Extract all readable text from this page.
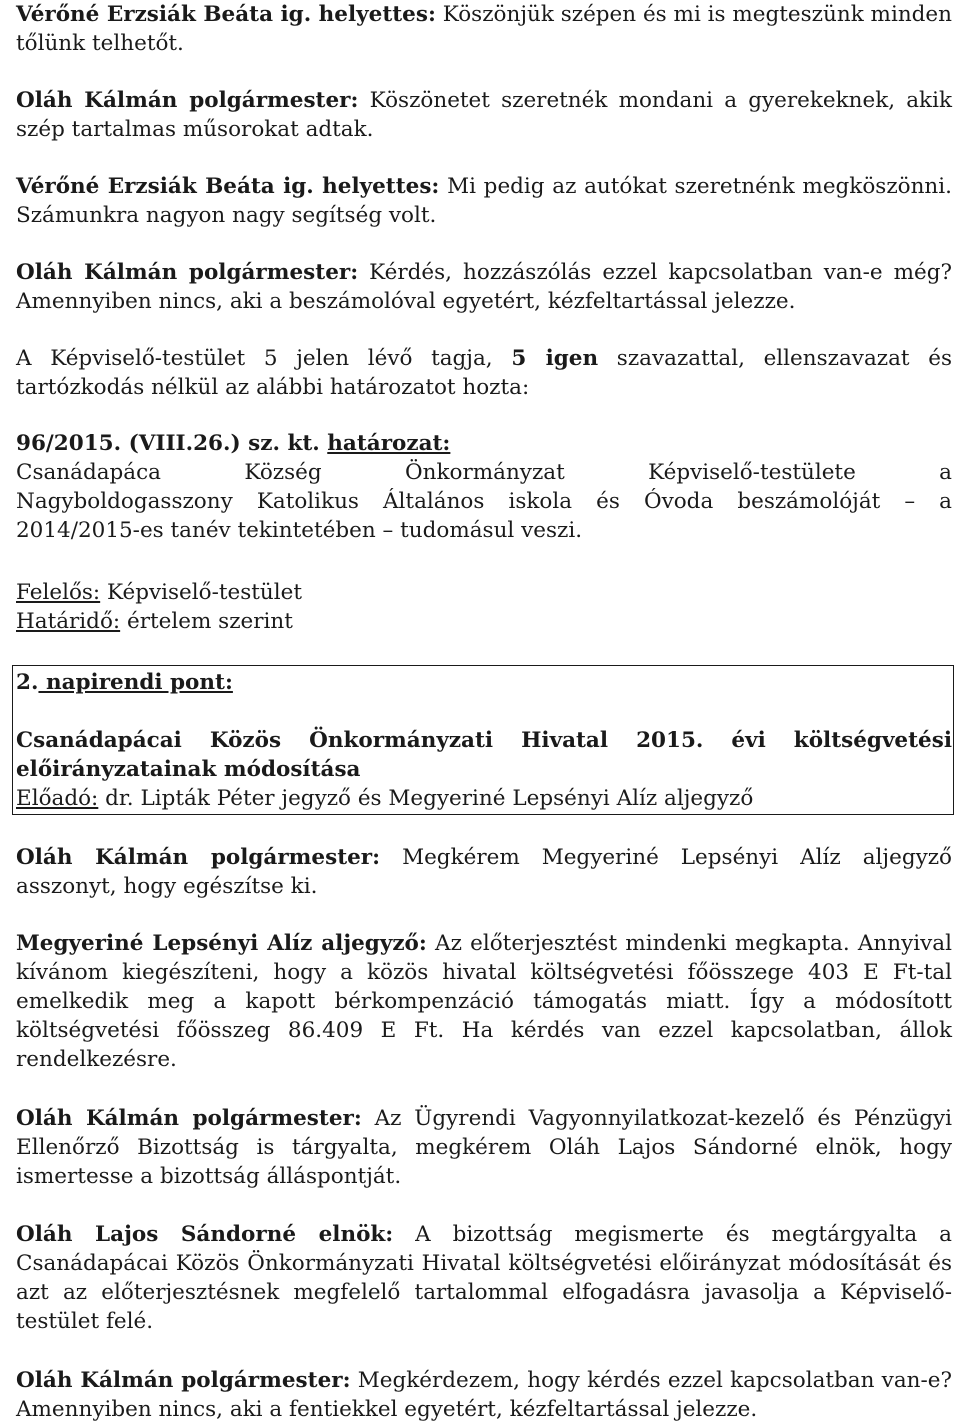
Vérőné Erzsiák Beáta ig. helyettes: Köszönjük szépen és mi is megteszünk minden tőlünk telhetőt.

Oláh Kálmán polgármester: Köszönetet szeretnék mondani a gyerekeknek, akik szép tartalmas műsorokat adtak.

Vérőné Erzsiák Beáta ig. helyettes: Mi pedig az autókat szeretnénk megköszönni. Számunkra nagyon nagy segítség volt.

Oláh Kálmán polgármester: Kérdés, hozzászólás ezzel kapcsolatban van-e még? Amennyiben nincs, aki a beszámolóval egyetért, kézfeltartással jelezze.

A Képviselő-testület 5 jelen lévő tagja, 5 igen szavazattal, ellenszavazat és tartózkodás nélkül az alábbi határozatot hozta:

96/2015. (VIII.26.) sz. kt. határozat:

Csanádapáca Község Önkormányzat Képviselő-testülete a

Nagyboldogasszony Katolikus Általános iskola és Óvoda beszámolóját – a

2014/2015-es tanév tekintetében – tudomásul veszi.

Felelős: Képviselő-testület

Határidő: értelem szerint

2. napirendi pont:

Csanádapácai Közös Önkormányzati Hivatal 2015. évi költségvetési előirányzatainak módosítása

Előadó: dr. Lipták Péter jegyző és Megyeriné Lepsényi Alíz aljegyző

Oláh Kálmán polgármester: Megkérem Megyeriné Lepsényi Alíz aljegyző asszonyt, hogy egészítse ki.

Megyeriné Lepsényi Alíz aljegyző: Az előterjesztést mindenki megkapta. Annyival kívánom kiegészíteni, hogy a közös hivatal költségvetési főösszege 403 E Ft-tal emelkedik meg a kapott bérkompenzáció támogatás miatt. Így a módosított költségvetési főösszeg 86.409 E Ft. Ha kérdés van ezzel kapcsolatban, állok rendelkezésre.

Oláh Kálmán polgármester: Az Ügyrendi Vagyonnyilatkozat-kezelő és Pénzügyi Ellenőrző Bizottság is tárgyalta, megkérem Oláh Lajos Sándorné elnök, hogy ismertesse a bizottság álláspontját.

Oláh Lajos Sándorné elnök: A bizottság megismerte és megtárgyalta a Csanádapácai Közös Önkormányzati Hivatal költségvetési előirányzat módosítását és azt az előterjesztésnek megfelelő tartalommal elfogadásra javasolja a Képviselő-testület felé.

Oláh Kálmán polgármester: Megkérdezem, hogy kérdés ezzel kapcsolatban van-e? Amennyiben nincs, aki a fentiekkel egyetért, kézfeltartással jelezze.
